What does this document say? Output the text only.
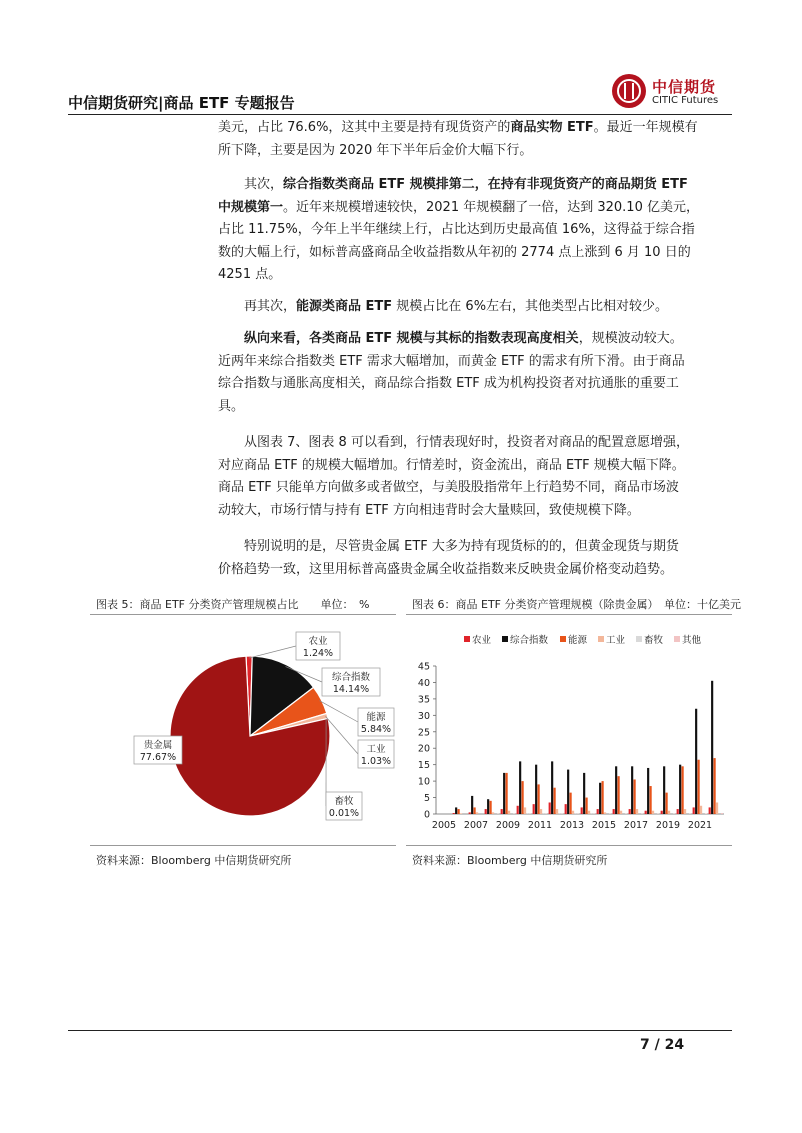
中信期货研究|商品 ETF 专题报告
中信期货
CITIC Futures
美元，占比 76.6%，这其中主要是持有现货资产的商品实物 ETF。最近一年规模有
所下降，主要是因为 2020 年下半年后金价大幅下行。
　　其次，综合指数类商品 ETF 规模排第二，在持有非现货资产的商品期货 ETF
中规模第一。近年来规模增速较快，2021 年规模翻了一倍，达到 320.10 亿美元，
占比 11.75%，今年上半年继续上行，占比达到历史最高值 16%，这得益于综合指
数的大幅上行，如标普高盛商品全收益指数从年初的 2774 点上涨到 6 月 10 日的
4251 点。
　　再其次，能源类商品 ETF 规模占比在 6%左右，其他类型占比相对较少。
　　纵向来看，各类商品 ETF 规模与其标的指数表现高度相关，规模波动较大。
近两年来综合指数类 ETF 需求大幅增加，而黄金 ETF 的需求有所下滑。由于商品
综合指数与通胀高度相关，商品综合指数 ETF 成为机构投资者对抗通胀的重要工
具。
　　从图表 7、图表 8 可以看到，行情表现好时，投资者对商品的配置意愿增强，
对应商品 ETF 的规模大幅增加。行情差时，资金流出，商品 ETF 规模大幅下降。
商品 ETF 只能单方向做多或者做空，与美股股指常年上行趋势不同，商品市场波
动较大，市场行情与持有 ETF 方向相违背时会大量赎回，致使规模下降。
　　特别说明的是，尽管贵金属 ETF 大多为持有现货标的的，但黄金现货与期货
价格趋势一致，这里用标普高盛贵金属全收益指数来反映贵金属价格变动趋势。
图表 5：商品 ETF 分类资产管理规模占比　　单位：　%	图表 6：商品 ETF 分类资产管理规模（除贵金属）　单位：十亿美元
农业
1.24%
综合指数
14.14%
能源
5.84%
工业
1.03%
畜牧
0.01%
贵金属
77.67%
农业 综合指数 能源 工业 畜牧 其他
0
5
10
15
20
25
30
35
40
45
2005 2007 2009 2011 2013 2015 2017 2019 2021
资料来源：Bloomberg 中信期货研究所	资料来源：Bloomberg 中信期货研究所
7 / 24
